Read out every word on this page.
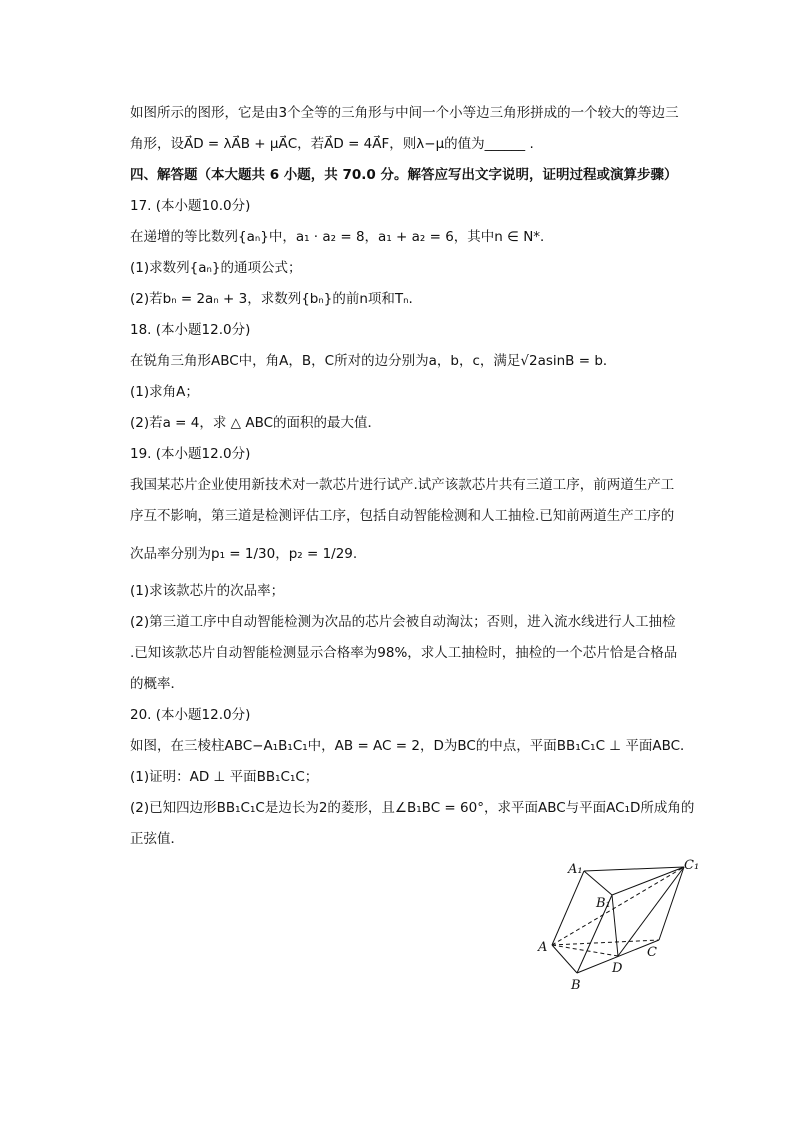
如图所示的图形，它是由3个全等的三角形与中间一个小等边三角形拼成的一个较大的等边三
角形，设A⃗D = λA⃗B + μA⃗C，若A⃗D = 4A⃗F，则λ−μ的值为______ .
四、解答题（本大题共 6 小题，共 70.0 分。解答应写出文字说明，证明过程或演算步骤）
17. (本小题10.0分)
在递增的等比数列{aₙ}中，a₁ · a₂ = 8，a₁ + a₂ = 6，其中n ∈ N*．
(1)求数列{aₙ}的通项公式；
(2)若bₙ = 2aₙ + 3，求数列{bₙ}的前n项和Tₙ.
18. (本小题12.0分)
在锐角三角形ABC中，角A，B，C所对的边分别为a，b，c，满足√2asinB = b．
(1)求角A；
(2)若a = 4，求 △ ABC的面积的最大值．
19. (本小题12.0分)
我国某芯片企业使用新技术对一款芯片进行试产.试产该款芯片共有三道工序，前两道生产工
序互不影响，第三道是检测评估工序，包括自动智能检测和人工抽检.已知前两道生产工序的
次品率分别为p₁ = 1/30，p₂ = 1/29.
(1)求该款芯片的次品率；
(2)第三道工序中自动智能检测为次品的芯片会被自动淘汰；否则，进入流水线进行人工抽检
.已知该款芯片自动智能检测显示合格率为98%，求人工抽检时，抽检的一个芯片恰是合格品
的概率．
20. (本小题12.0分)
如图，在三棱柱ABC−A₁B₁C₁中，AB = AC = 2，D为BC的中点，平面BB₁C₁C ⊥ 平面ABC．
(1)证明：AD ⊥ 平面BB₁C₁C；
(2)已知四边形BB₁C₁C是边长为2的菱形，且∠B₁BC = 60°，求平面ABC与平面AC₁D所成角的
正弦值．
A₁	C₁
B₁
A
B
C
D
